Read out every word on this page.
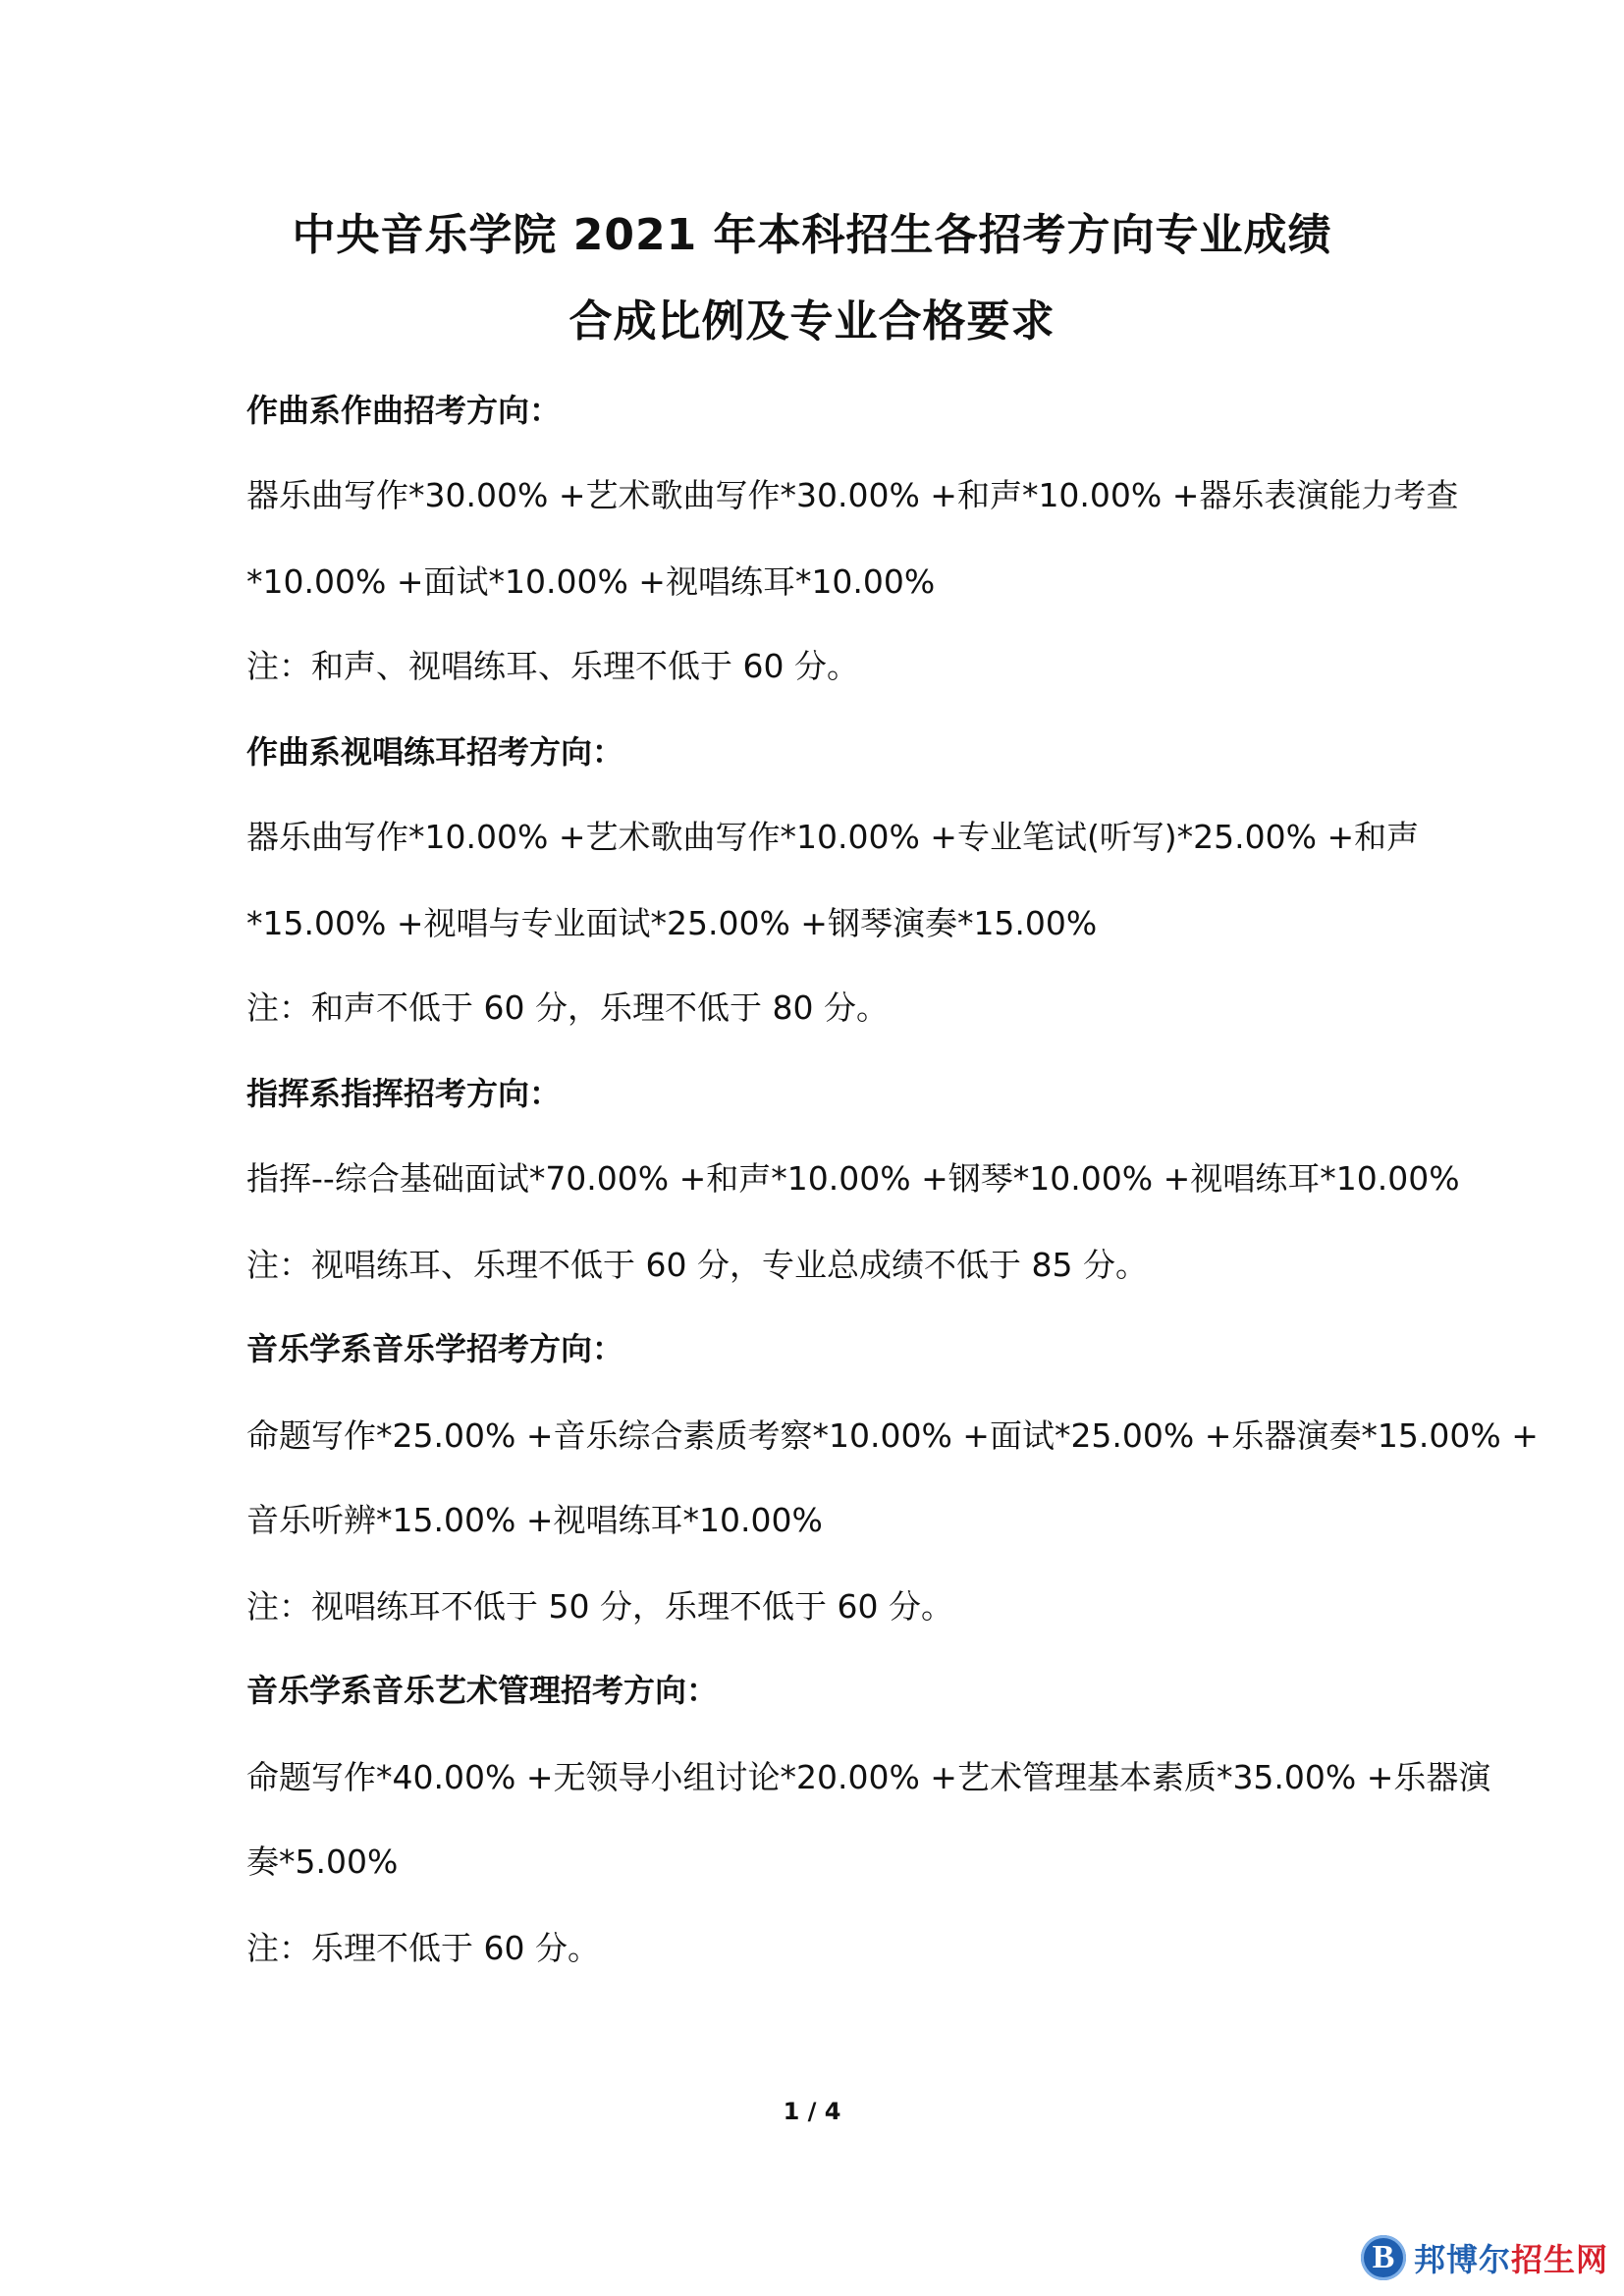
中央音乐学院 2021 年本科招生各招考方向专业成绩
合成比例及专业合格要求
作曲系作曲招考方向：
器乐曲写作*30.00% +艺术歌曲写作*30.00% +和声*10.00% +器乐表演能力考查
*10.00% +面试*10.00% +视唱练耳*10.00%
注：和声、视唱练耳、乐理不低于 60 分。
作曲系视唱练耳招考方向：
器乐曲写作*10.00% +艺术歌曲写作*10.00% +专业笔试(听写)*25.00% +和声
*15.00% +视唱与专业面试*25.00% +钢琴演奏*15.00%
注：和声不低于 60 分，乐理不低于 80 分。
指挥系指挥招考方向：
指挥--综合基础面试*70.00% +和声*10.00% +钢琴*10.00% +视唱练耳*10.00%
注：视唱练耳、乐理不低于 60 分，专业总成绩不低于 85 分。
音乐学系音乐学招考方向：
命题写作*25.00% +音乐综合素质考察*10.00% +面试*25.00% +乐器演奏*15.00% +
音乐听辨*15.00% +视唱练耳*10.00%
注：视唱练耳不低于 50 分，乐理不低于 60 分。
音乐学系音乐艺术管理招考方向：
命题写作*40.00% +无领导小组讨论*20.00% +艺术管理基本素质*35.00% +乐器演
奏*5.00%
注：乐理不低于 60 分。
1 / 4
B 邦博尔招生网
